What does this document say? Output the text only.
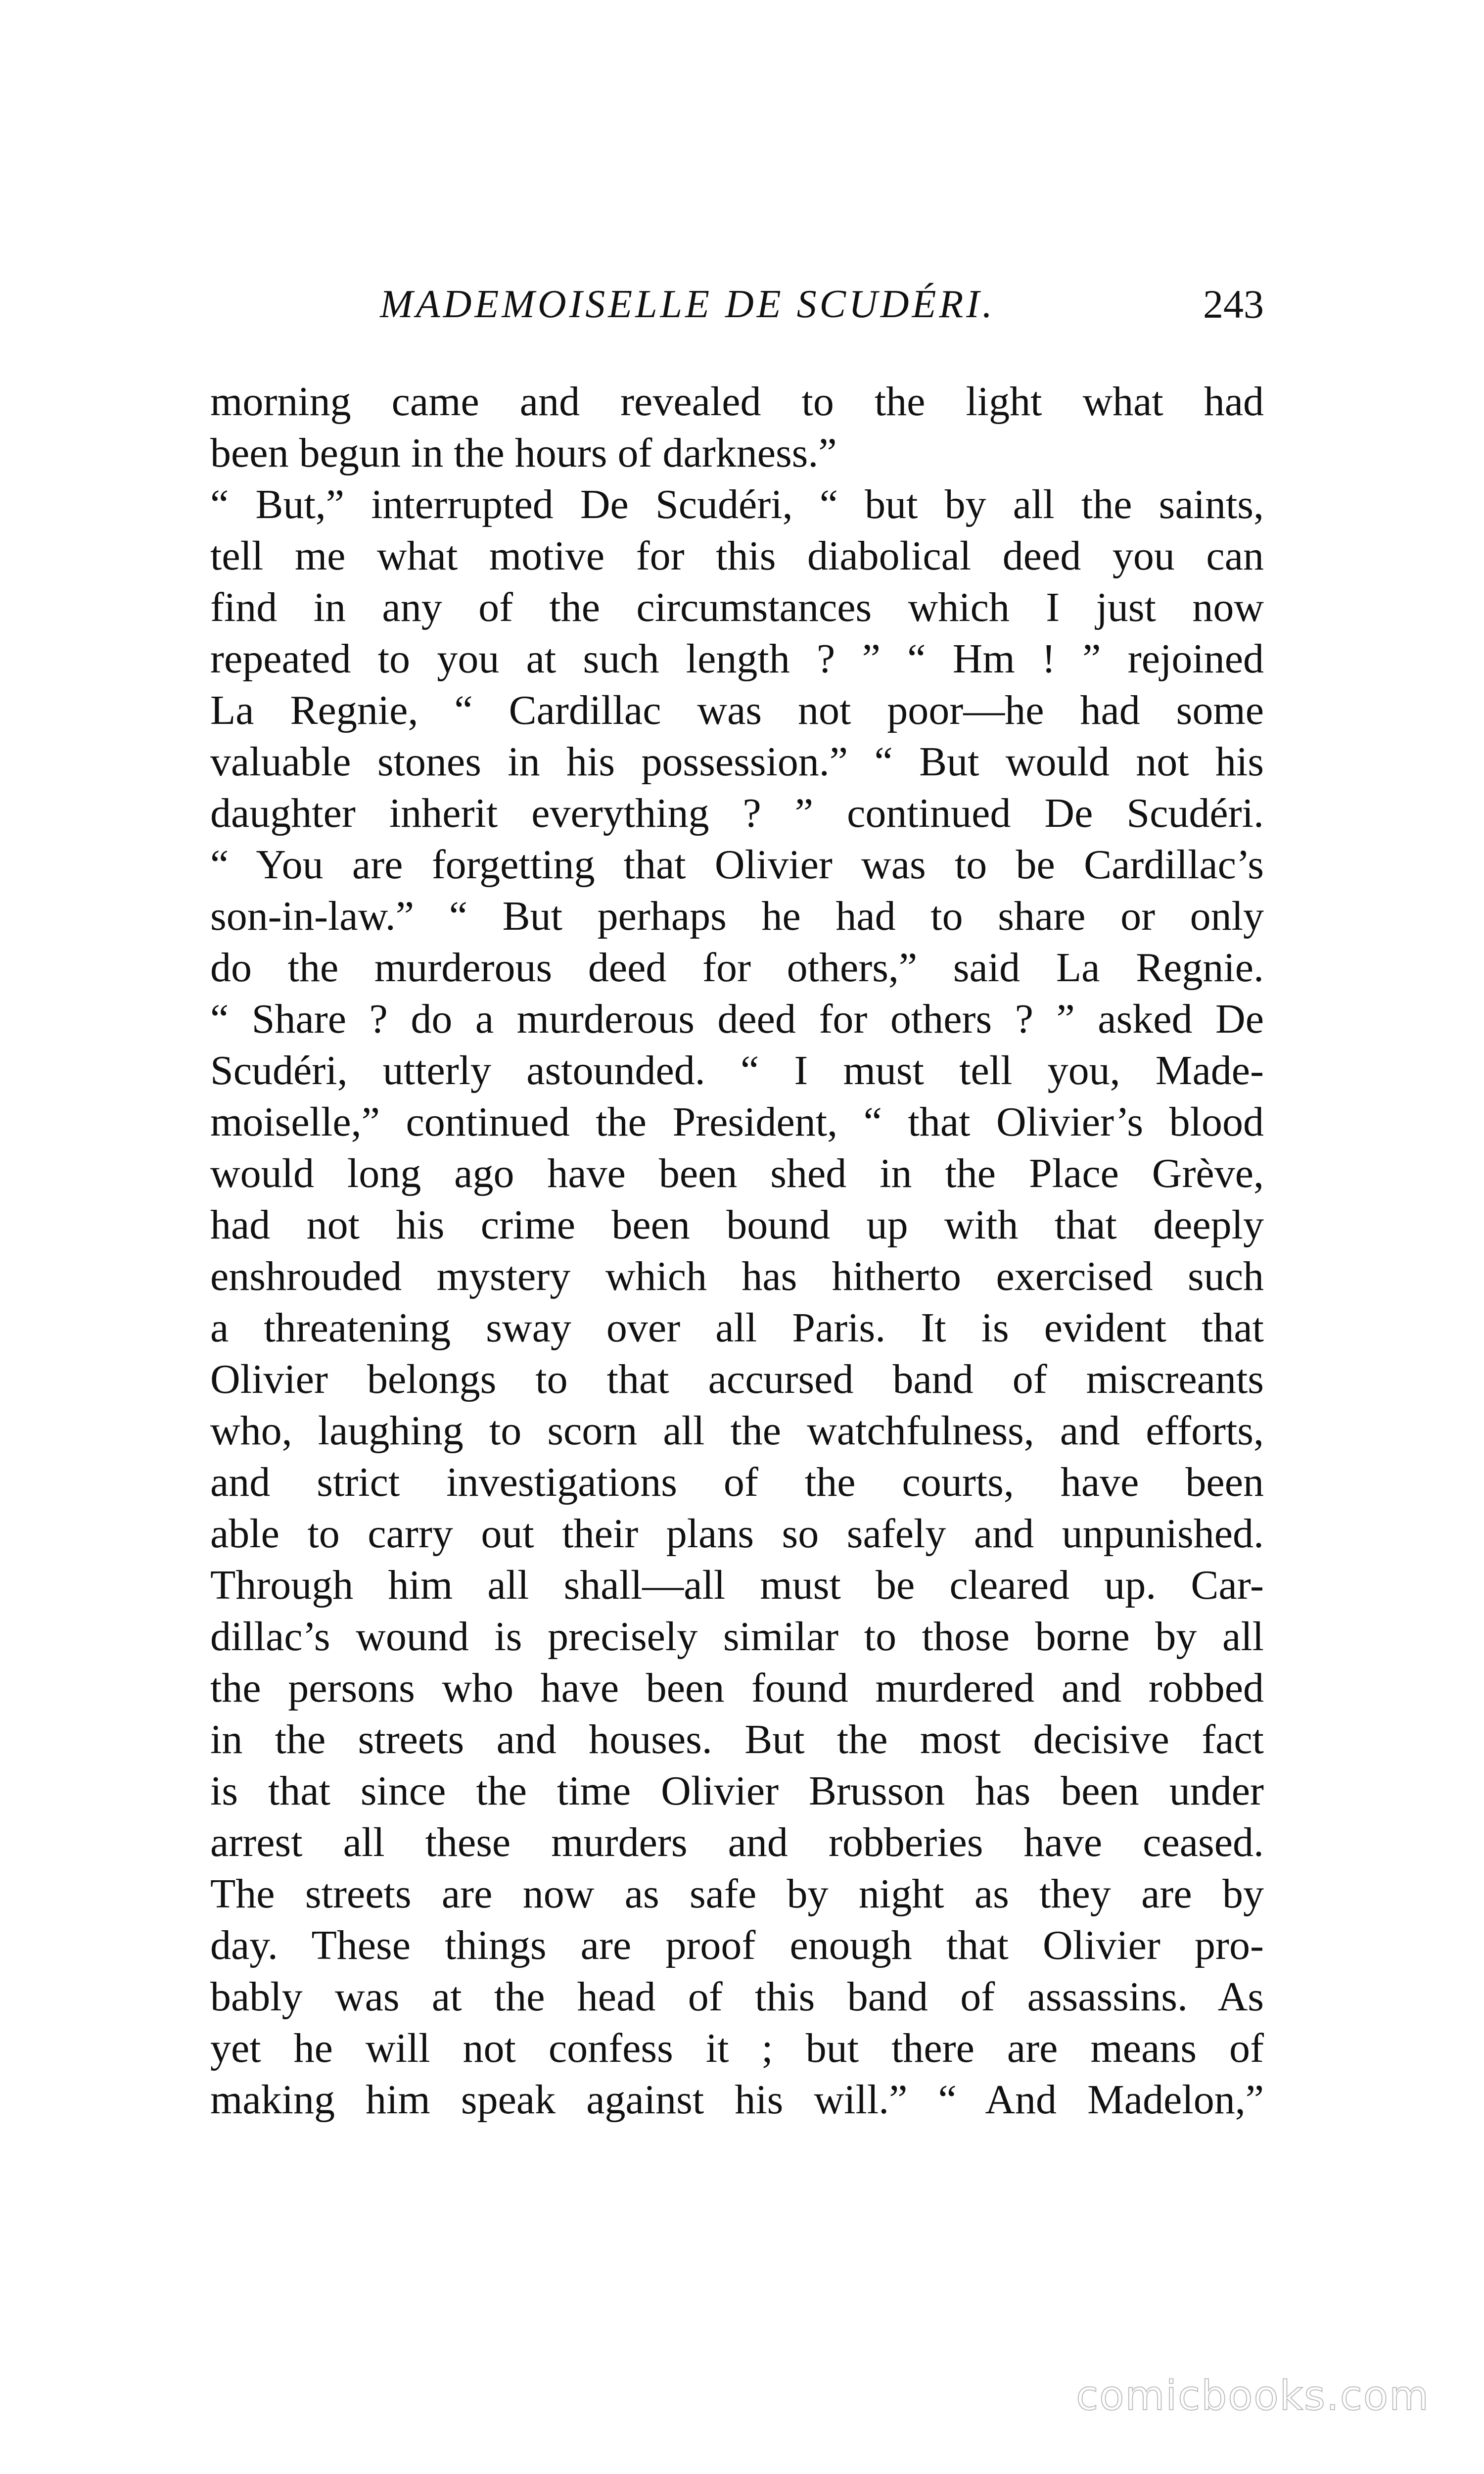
MADEMOISELLE DE SCUDÉRI.	243
morning came and revealed to the light what had
been begun in the hours of darkness.”
“ But,” interrupted De Scudéri, “ but by all the saints,
tell me what motive for this diabolical deed you can
find in any of the circumstances which I just now
repeated to you at such length ? ” “ Hm ! ” rejoined
La Regnie, “ Cardillac was not poor—he had some
valuable stones in his possession.” “ But would not his
daughter inherit everything ? ” continued De Scudéri.
“ You are forgetting that Olivier was to be Cardillac’s
son-in-law.” “ But perhaps he had to share or only
do the murderous deed for others,” said La Regnie.
“ Share ? do a murderous deed for others ? ” asked De
Scudéri, utterly astounded. “ I must tell you, Made-
moiselle,” continued the President, “ that Olivier’s blood
would long ago have been shed in the Place Grève,
had not his crime been bound up with that deeply
enshrouded mystery which has hitherto exercised such
a threatening sway over all Paris. It is evident that
Olivier belongs to that accursed band of miscreants
who, laughing to scorn all the watchfulness, and efforts,
and strict investigations of the courts, have been
able to carry out their plans so safely and unpunished.
Through him all shall—all must be cleared up. Car-
dillac’s wound is precisely similar to those borne by all
the persons who have been found murdered and robbed
in the streets and houses. But the most decisive fact
is that since the time Olivier Brusson has been under
arrest all these murders and robberies have ceased.
The streets are now as safe by night as they are by
day. These things are proof enough that Olivier pro-
bably was at the head of this band of assassins. As
yet he will not confess it ; but there are means of
making him speak against his will.” “ And Madelon,”
comicbooks.com
